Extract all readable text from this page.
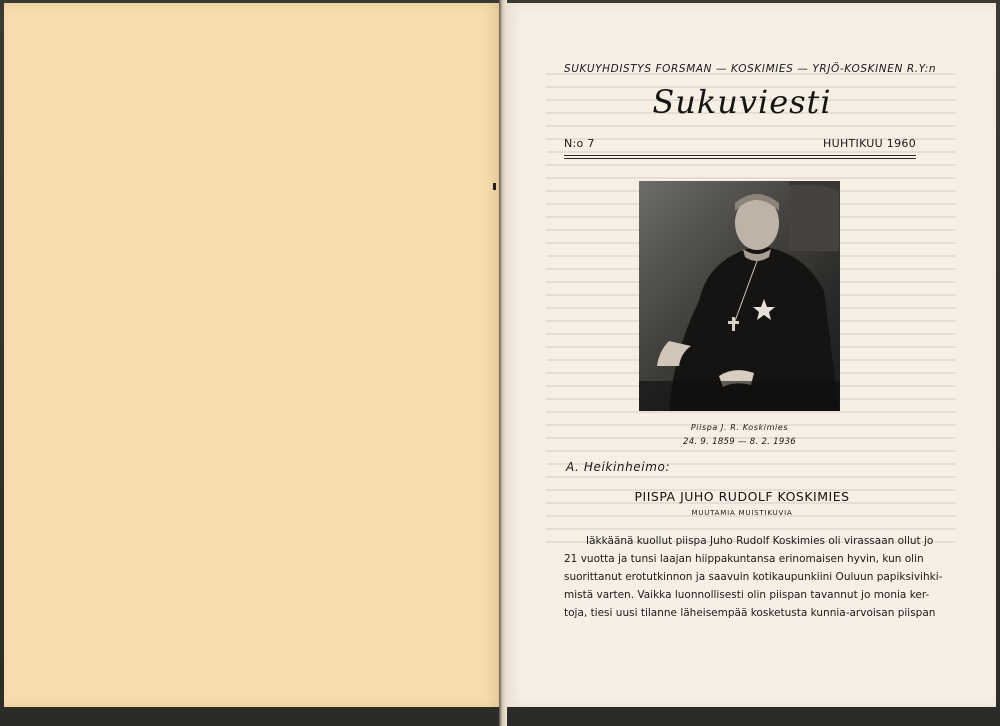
SUKUYHDISTYS FORSMAN — KOSKIMIES — YRJÖ-KOSKINEN R.Y:n
Sukuviesti
N:o 7	HUHTIKUU 1960
Piispa J. R. Koskimies
24. 9. 1859 — 8. 2. 1936
A. Heikinheimo:
PIISPA JUHO RUDOLF KOSKIMIES
MUUTAMIA MUISTIKUVIA
Iäkkäänä kuollut piispa Juho Rudolf Koskimies oli virassaan ollut jo
21 vuotta ja tunsi laajan hiippakuntansa erinomaisen hyvin, kun olin
suorittanut erotutkinnon ja saavuin kotikaupunkiini Ouluun papiksivihki-
mistä varten. Vaikka luonnollisesti olin piispan tavannut jo monia ker-
toja, tiesi uusi tilanne läheisempää kosketusta kunnia-arvoisan piispan
